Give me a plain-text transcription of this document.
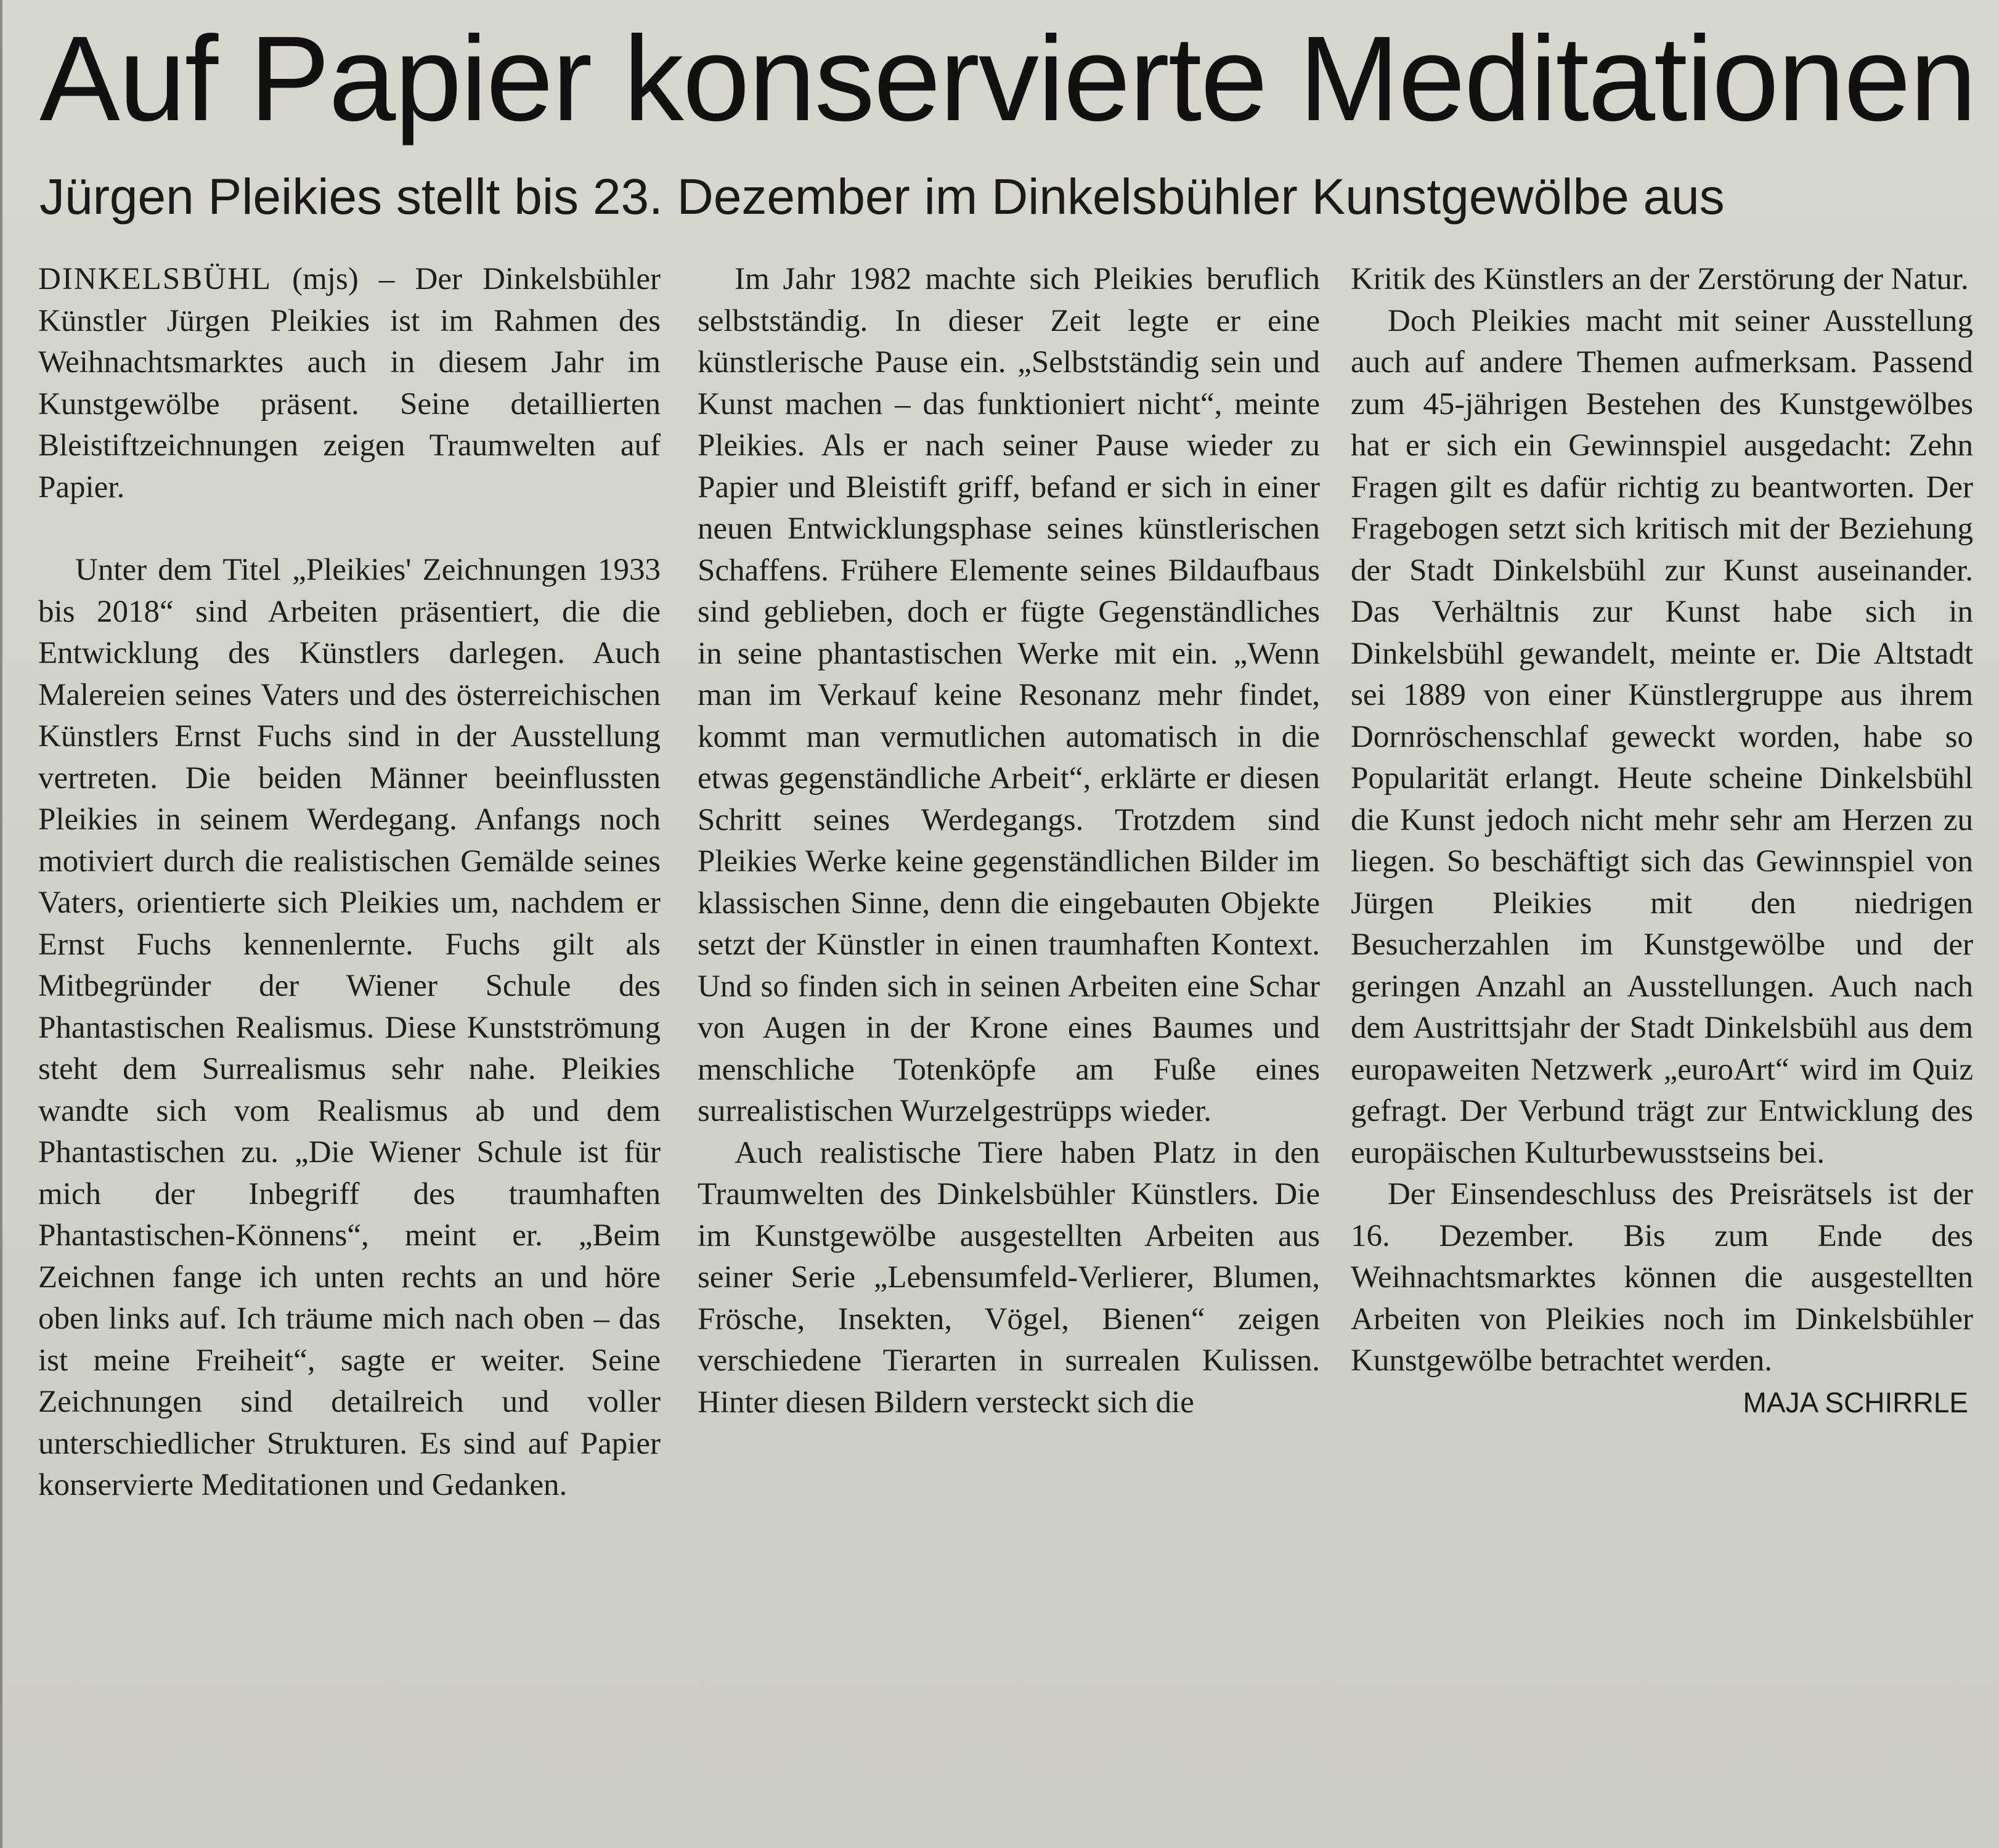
Auf Papier konservierte Meditationen
Jürgen Pleikies stellt bis 23. Dezember im Dinkelsbühler Kunstgewölbe aus

DINKELSBÜHL (mjs) – Der Dinkelsbühler Künstler Jürgen Pleikies ist im Rahmen des Weihnachtsmarktes auch in diesem Jahr im Kunstgewölbe präsent. Seine detaillierten Bleistiftzeichnungen zeigen Traumwelten auf Papier.

Unter dem Titel „Pleikies' Zeichnungen 1933 bis 2018“ sind Arbeiten präsentiert, die die Entwicklung des Künstlers darlegen. Auch Malereien seines Vaters und des österreichischen Künstlers Ernst Fuchs sind in der Ausstellung vertreten. Die beiden Männer beeinflussten Pleikies in seinem Werdegang. Anfangs noch motiviert durch die realistischen Gemälde seines Vaters, orientierte sich Pleikies um, nachdem er Ernst Fuchs kennenlernte. Fuchs gilt als Mitbegründer der Wiener Schule des Phantastischen Realismus. Diese Kunstströmung steht dem Surrealismus sehr nahe. Pleikies wandte sich vom Realismus ab und dem Phantastischen zu. „Die Wiener Schule ist für mich der Inbegriff des traumhaften Phantastischen-Könnens“, meint er. „Beim Zeichnen fange ich unten rechts an und höre oben links auf. Ich träume mich nach oben – das ist meine Freiheit“, sagte er weiter. Seine Zeichnungen sind detailreich und voller unterschiedlicher Strukturen. Es sind auf Papier konservierte Meditationen und Gedanken.

Im Jahr 1982 machte sich Pleikies beruflich selbstständig. In dieser Zeit legte er eine künstlerische Pause ein. „Selbstständig sein und Kunst machen – das funktioniert nicht“, meinte Pleikies. Als er nach seiner Pause wieder zu Papier und Bleistift griff, befand er sich in einer neuen Entwicklungsphase seines künstlerischen Schaffens. Frühere Elemente seines Bildaufbaus sind geblieben, doch er fügte Gegenständliches in seine phantastischen Werke mit ein. „Wenn man im Verkauf keine Resonanz mehr findet, kommt man vermutlichen automatisch in die etwas gegenständliche Arbeit“, erklärte er diesen Schritt seines Werdegangs. Trotzdem sind Pleikies Werke keine gegenständlichen Bilder im klassischen Sinne, denn die eingebauten Objekte setzt der Künstler in einen traumhaften Kontext. Und so finden sich in seinen Arbeiten eine Schar von Augen in der Krone eines Baumes und menschliche Totenköpfe am Fuße eines surrealistischen Wurzelgestrüpps wieder.

Auch realistische Tiere haben Platz in den Traumwelten des Dinkelsbühler Künstlers. Die im Kunstgewölbe ausgestellten Arbeiten aus seiner Serie „Lebensumfeld-Verlierer, Blumen, Frösche, Insekten, Vögel, Bienen“ zeigen verschiedene Tierarten in surrealen Kulissen. Hinter diesen Bildern versteckt sich die

Kritik des Künstlers an der Zerstörung der Natur.

Doch Pleikies macht mit seiner Ausstellung auch auf andere Themen aufmerksam. Passend zum 45-jährigen Bestehen des Kunstgewölbes hat er sich ein Gewinnspiel ausgedacht: Zehn Fragen gilt es dafür richtig zu beantworten. Der Fragebogen setzt sich kritisch mit der Beziehung der Stadt Dinkelsbühl zur Kunst auseinander. Das Verhältnis zur Kunst habe sich in Dinkelsbühl gewandelt, meinte er. Die Altstadt sei 1889 von einer Künstlergruppe aus ihrem Dornröschenschlaf geweckt worden, habe so Popularität erlangt. Heute scheine Dinkelsbühl die Kunst jedoch nicht mehr sehr am Herzen zu liegen. So beschäftigt sich das Gewinnspiel von Jürgen Pleikies mit den niedrigen Besucherzahlen im Kunstgewölbe und der geringen Anzahl an Ausstellungen. Auch nach dem Austrittsjahr der Stadt Dinkelsbühl aus dem europaweiten Netzwerk „euroArt“ wird im Quiz gefragt. Der Verbund trägt zur Entwicklung des europäischen Kulturbewusstseins bei.

Der Einsendeschluss des Preisrätsels ist der 16. Dezember. Bis zum Ende des Weihnachtsmarktes können die ausgestellten Arbeiten von Pleikies noch im Dinkelsbühler Kunstgewölbe betrachtet werden.

MAJA SCHIRRLE
